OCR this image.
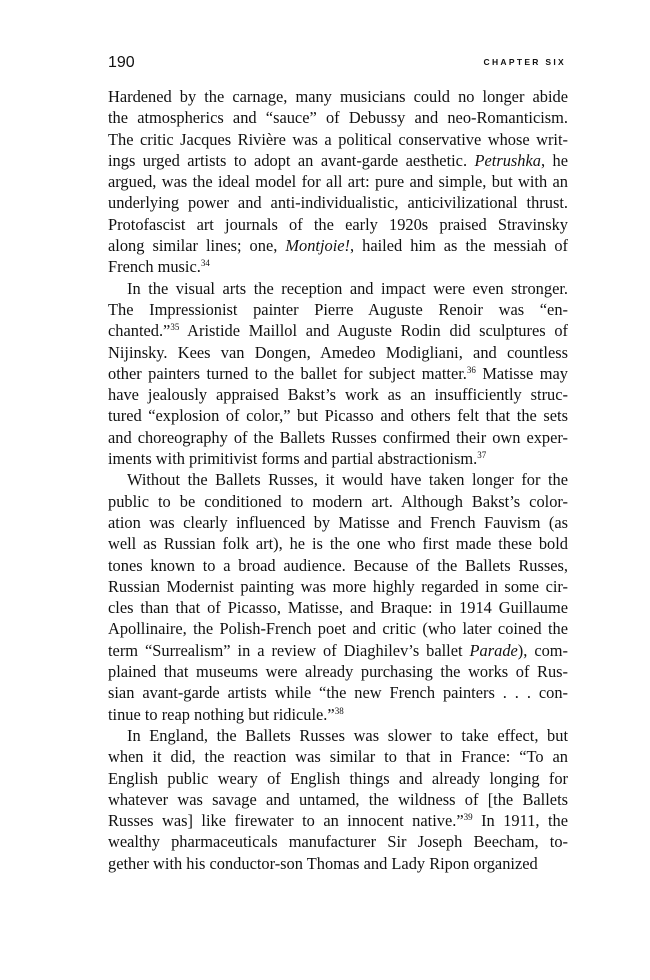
190	CHAPTER SIX
Hardened by the carnage, many musicians could no longer abide
the atmospherics and “sauce” of Debussy and neo-Romanticism.
The critic Jacques Rivière was a political conservative whose writ-
ings urged artists to adopt an avant-garde aesthetic. Petrushka, he
argued, was the ideal model for all art: pure and simple, but with an
underlying power and anti-individualistic, anticivilizational thrust.
Protofascist art journals of the early 1920s praised Stravinsky
along similar lines; one, Montjoie!, hailed him as the messiah of
French music.$^{34}$
In the visual arts the reception and impact were even stronger.
The Impressionist painter Pierre Auguste Renoir was “en-
chanted.”$^{35}$ Aristide Maillol and Auguste Rodin did sculptures of
Nijinsky. Kees van Dongen, Amedeo Modigliani, and countless
other painters turned to the ballet for subject matter.$^{36}$ Matisse may
have jealously appraised Bakst’s work as an insufficiently struc-
tured “explosion of color,” but Picasso and others felt that the sets
and choreography of the Ballets Russes confirmed their own exper-
iments with primitivist forms and partial abstractionism.$^{37}$
Without the Ballets Russes, it would have taken longer for the
public to be conditioned to modern art. Although Bakst’s color-
ation was clearly influenced by Matisse and French Fauvism (as
well as Russian folk art), he is the one who first made these bold
tones known to a broad audience. Because of the Ballets Russes,
Russian Modernist painting was more highly regarded in some cir-
cles than that of Picasso, Matisse, and Braque: in 1914 Guillaume
Apollinaire, the Polish-French poet and critic (who later coined the
term “Surrealism” in a review of Diaghilev’s ballet Parade), com-
plained that museums were already purchasing the works of Rus-
sian avant-garde artists while “the new French painters . . . con-
tinue to reap nothing but ridicule.”$^{38}$
In England, the Ballets Russes was slower to take effect, but
when it did, the reaction was similar to that in France: “To an
English public weary of English things and already longing for
whatever was savage and untamed, the wildness of [the Ballets
Russes was] like firewater to an innocent native.”$^{39}$ In 1911, the
wealthy pharmaceuticals manufacturer Sir Joseph Beecham, to-
gether with his conductor-son Thomas and Lady Ripon organized
